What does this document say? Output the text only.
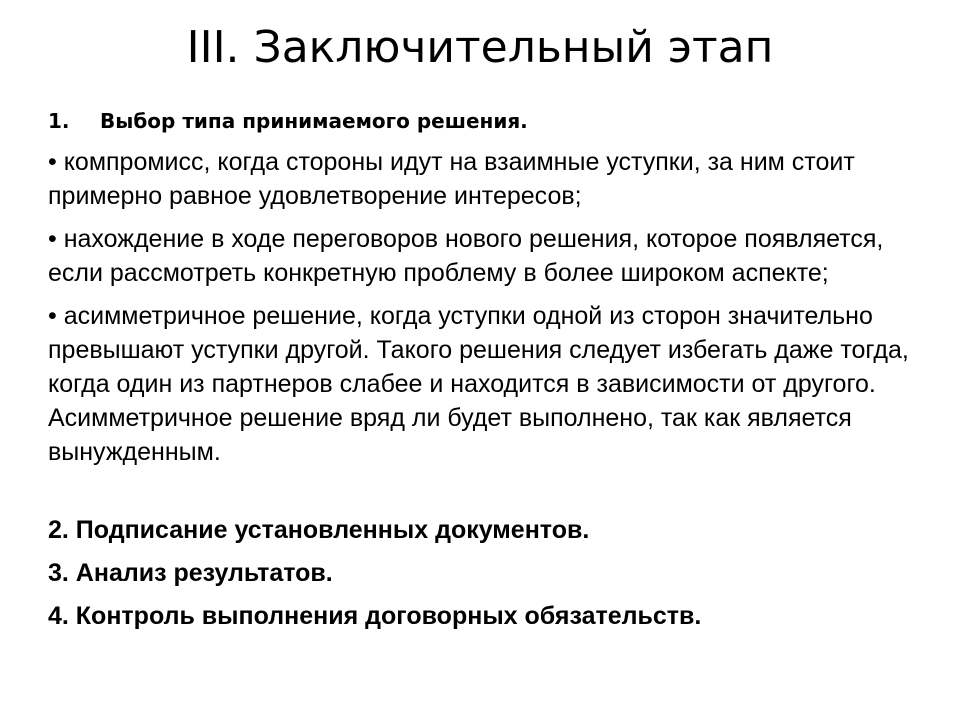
III. Заключительный этап
1. Выбор типа принимаемого решения.
• компромисс, когда стороны идут на взаимные уступки, за ним стоит примерно равное удовлетворение интересов;
• нахождение в ходе переговоров нового решения, которое появляется, если рассмотреть конкретную проблему в более широком аспекте;
• асимметричное решение, когда уступки одной из сторон значительно превышают уступки другой. Такого решения следует избегать даже тогда, когда один из партнеров слабее и находится в зависимости от другого. Асимметричное решение вряд ли будет выполнено, так как является вынужденным.
2. Подписание установленных документов.
3. Анализ результатов.
4. Контроль выполнения договорных обязательств.
